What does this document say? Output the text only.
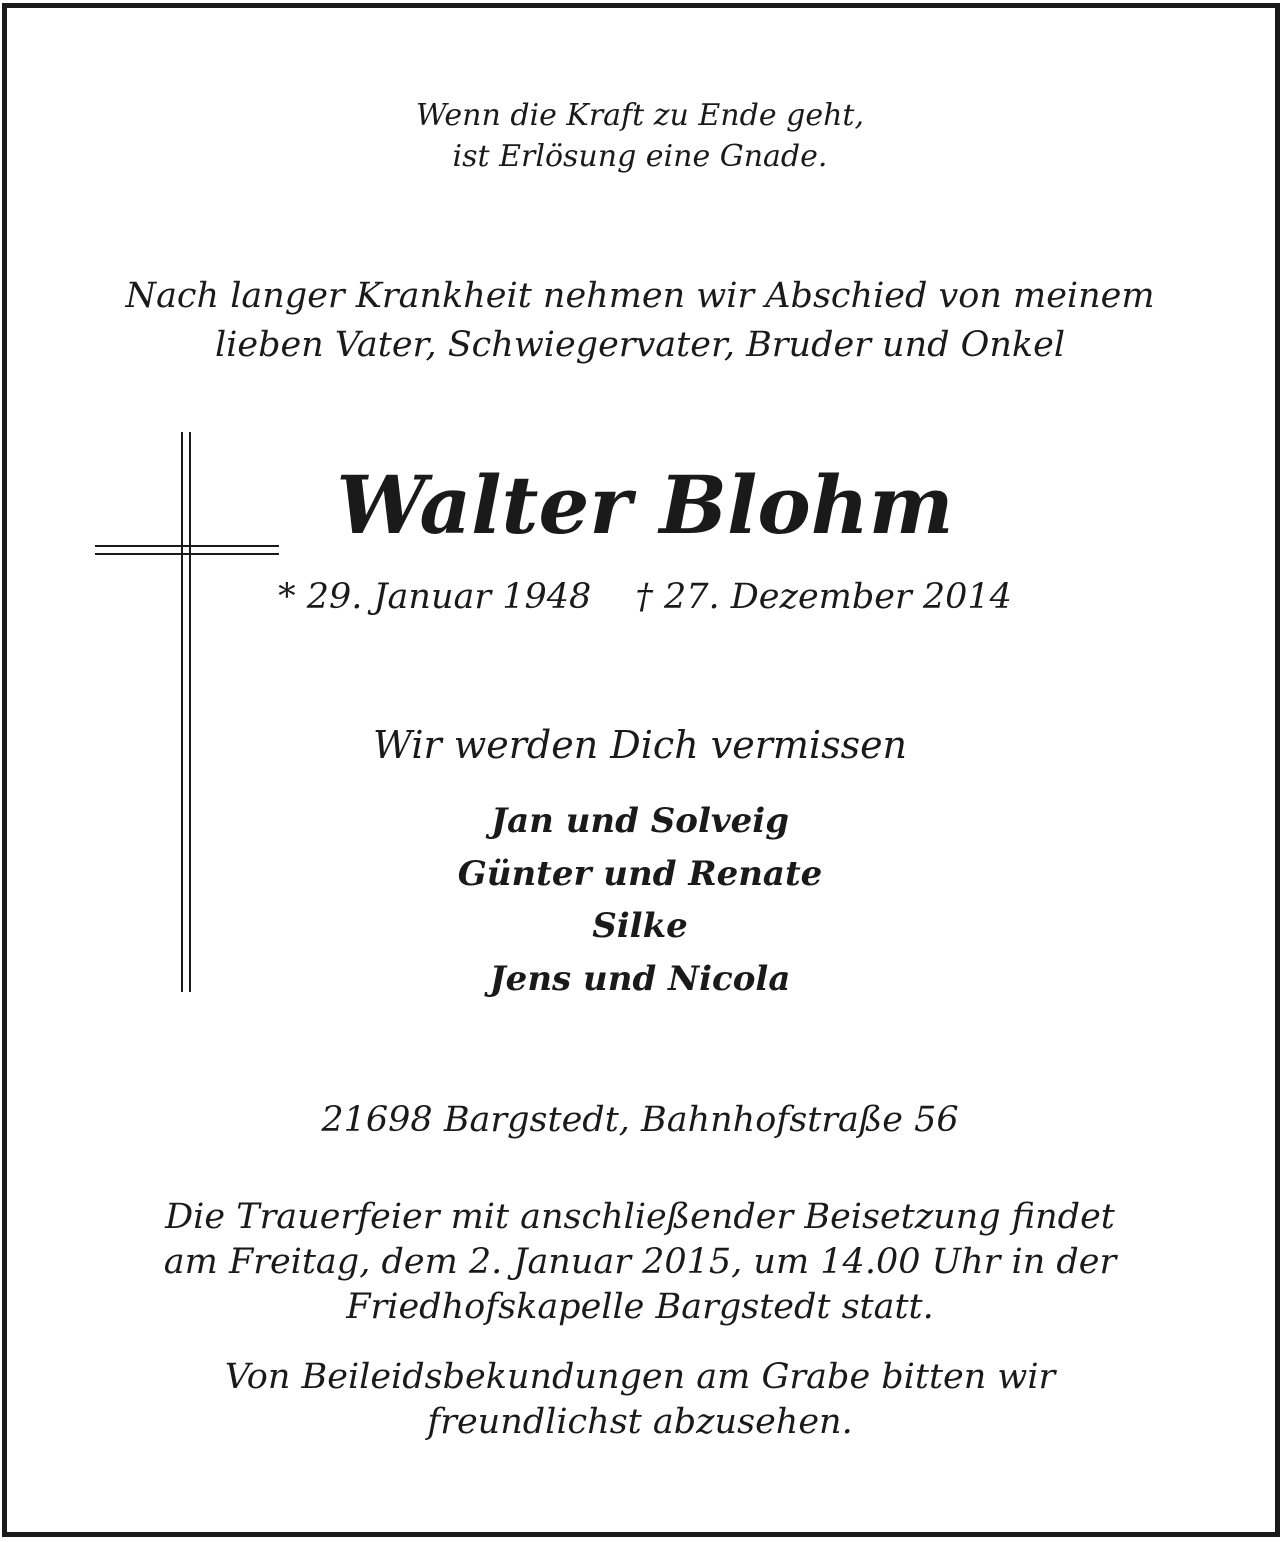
Wenn die Kraft zu Ende geht,
ist Erlösung eine Gnade.
Nach langer Krankheit nehmen wir Abschied von meinem
lieben Vater, Schwiegervater, Bruder und Onkel
Walter Blohm
* 29. Januar 1948 † 27. Dezember 2014
Wir werden Dich vermissen
Jan und Solveig
Günter und Renate
Silke
Jens und Nicola
21698 Bargstedt, Bahnhofstraße 56
Die Trauerfeier mit anschließender Beisetzung findet
am Freitag, dem 2. Januar 2015, um 14.00 Uhr in der
Friedhofskapelle Bargstedt statt.
Von Beileidsbekundungen am Grabe bitten wir
freundlichst abzusehen.
